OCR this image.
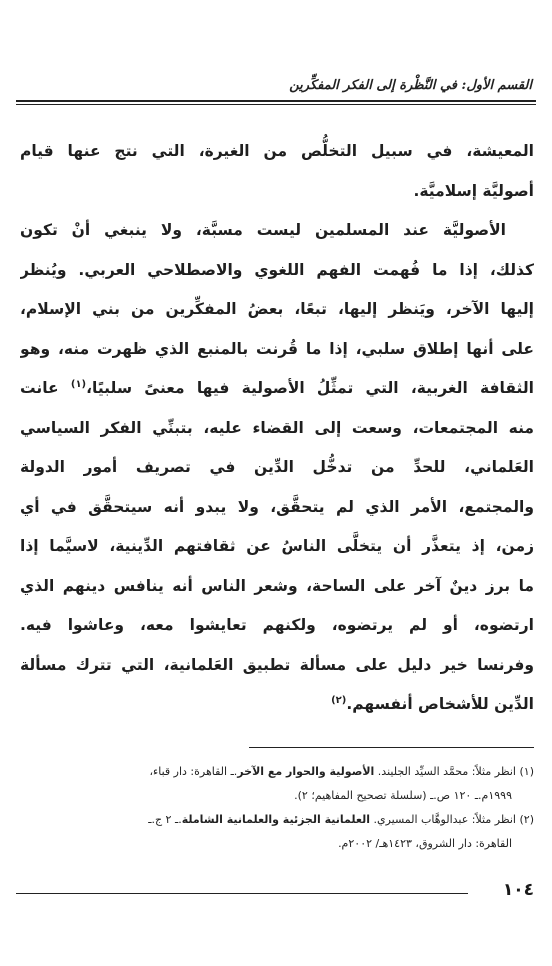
القسم الأول: في النَّظْرة إلى الفكر المفكِّرين
المعيشة، في سبيل التخلُّص من الغيرة، التي نتج عنها قيام
أصوليَّة إسلاميَّة.
الأصوليَّة عند المسلمين ليست مسبَّة، ولا ينبغي أنْ تكون
كذلك، إذا ما فُهمت الفهم اللغوي والاصطلاحي العربي. ويُنظر
إليها الآخر، ويَنظر إليها، تبعًا، بعضُ المفكِّرين من بني الإسلام،
على أنها إطلاق سلبي، إذا ما قُرنت بالمنبع الذي ظهرت منه، وهو
الثقافة الغربية، التي تمثِّلُ الأصولية فيها معنىً سلبيًا،$^{(١)}$ عانت
منه المجتمعات، وسعت إلى القضاء عليه، بتبنِّي الفكر السياسي
العَلماني، للحدِّ من تدخُّل الدِّين في تصريف أمور الدولة
والمجتمع، الأمر الذي لم يتحقَّق، ولا يبدو أنه سيتحقَّق في أي
زمن، إذ يتعذَّر أن يتخلَّى الناسُ عن ثقافتهم الدِّينية، لاسيَّما إذا
ما برز دينٌ آخر على الساحة، وشعر الناس أنه ينافس دينهم الذي
ارتضوه، أو لم يرتضوه، ولكنهم تعايشوا معه، وعاشوا فيه.
وفرنسا خير دليل على مسألة تطبيق العَلمانية، التي تترك مسألة
الدِّين للأشخاص أنفسهم.$^{(٢)}$
(١) انظر مثلاً: محمَّد السيِّد الجليند. الأصولية والحوار مع الآخر.ـ القاهرة: دار قباء،
١٩٩٩م.ـ ١٢٠ ص.ـ (سلسلة تصحيح المفاهيم؛ ٢).
(٢) انظر مثلاً: عبدالوهَّاب المسيري. العلمانية الجزئية والعلمانية الشاملة.ـ ٢ ج.ـ
القاهرة: دار الشروق، ١٤٢٣هـ/ ٢٠٠٢م.
١٠٤
